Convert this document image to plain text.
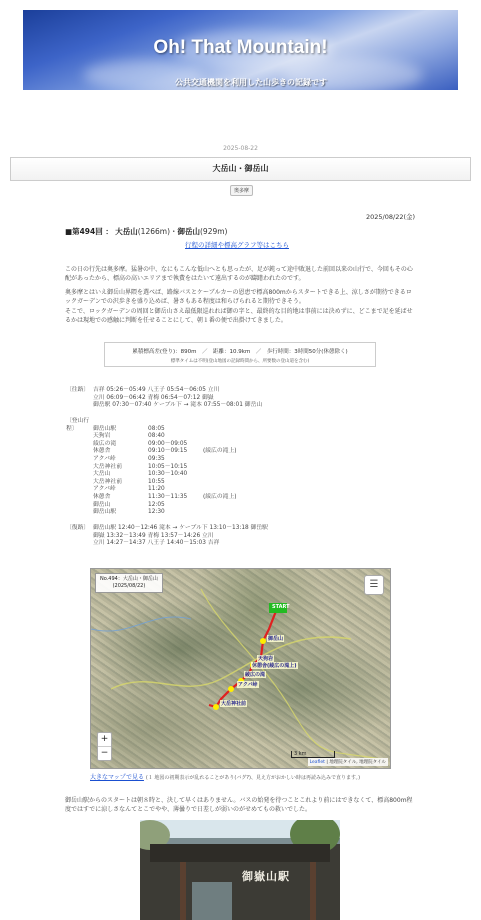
Oh! That Mountain!
公共交通機関を利用した山歩きの記録です
2025-08-22
大岳山・御岳山
奥多摩
2025/08/22(金)
■第494回 ： 大岳山(1266m)・御岳山(929m)
行程の詳細や標高グラフ等はこちら
この日の行先は奥多摩。猛暑の中、なにもこんな低山へとも思ったが、足が鈍って途中敗退した前回以来の山行で、今回もその心配があったから、標高の高いエリアまで執費をはたいて遠出するのが躊躇われたのです。
奥多摩とはいえ御岳山界隈を選べば、路線バスとケーブルカーの恩恵で標高800mからスタートできる上、涼しさが期待できるロックガーデンでの沢歩きを盛り込めば、暑さもある程度は和らげられると期待できそう。
そこで、ロックガーデンの周回と御岳山さえ最低限巡れれば御の字と、最終的な目的地は事前には決めずに、どこまで足を延ばせるかは現地での感触に判断を任せることにして、朝１番の便で出掛けてきました。
累積標高差(登り)：890m　／　距離：10.9km　／　歩行時間：3時間50分(休憩除く)
標準タイムは不明(登山地図の記録時間から、所要数の登山道を含む)
〔往路〕 吉祥 05:26－05:49 八王子 05:54－06:05 立川
立川 06:09－06:42 青梅 06:54－07:12 御嶽
御岳駅 07:30－07:40 ケーブル下 → 滝本 07:55－08:01 御岳山
〔登山行程〕	御岳山駅	08:05
天狗岩	08:40
綾広の滝	09:00－09:05
休憩舎	09:10－09:15	(綾広の滝上)
アクバ峠	09:35
大岳神社前	10:05－10:15
大岳山	10:30－10:40
大岳神社前	10:55
アクバ峠	11:20
休憩舎	11:30－11:35	(綾広の滝上)
御岳山	12:05
御岳山駅	12:30
〔復路〕 御岳山駅 12:40－12:46 滝本 → ケーブル下 13:10－13:18 御岳駅
御嶽 13:32－13:49 青梅 13:57－14:26 立川
立川 14:27－14:37 八王子 14:40－15:03 吉祥
No.494：大岳山・御岳山
(2025/08/22)
START
御岳山
天狗岩
休憩舎(綾広の滝上)
綾広の滝
アクバ峠
大岳神社前
☰
+
−	3 km
Leaflet | 地理院タイル, 地理院タイル
大きなマップで見る (１ 地図の初期表示が乱れることがあり(バグ?)、見え方がおかしい時は再読み込みで直ります。)
御岳山駅からのスタートは朝８時と、決して早くはありません。バスの始発を待つことこれより前にはできなくて、標高800m程度ではすでに涼しさなんてとこでやや、薄曇りで日差しが弱いのがせめてもの救いでした。
御嶽山駅
